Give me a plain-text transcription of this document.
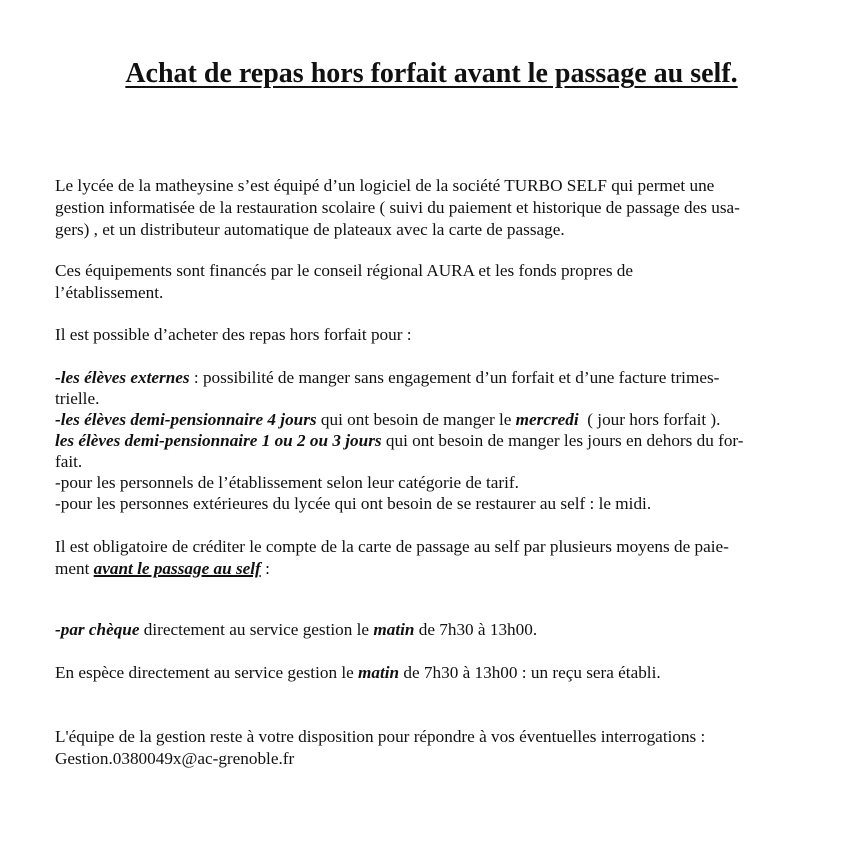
Achat de repas hors forfait avant le passage au self.
Le lycée de la matheysine s’est équipé d’un logiciel de la société TURBO SELF qui permet une
gestion informatisée de la restauration scolaire ( suivi du paiement et historique de passage des usa-
gers) , et un distributeur automatique de plateaux avec la carte de passage.
Ces équipements sont financés par le conseil régional AURA et les fonds propres de
l’établissement.
Il est possible d’acheter des repas hors forfait pour :
-les élèves externes : possibilité de manger sans engagement d’un forfait et d’une facture trimes-
trielle.
-les élèves demi-pensionnaire 4 jours qui ont besoin de manger le mercredi  ( jour hors forfait ).
les élèves demi-pensionnaire 1 ou 2 ou 3 jours qui ont besoin de manger les jours en dehors du for-
fait.
-pour les personnels de l’établissement selon leur catégorie de tarif.
-pour les personnes extérieures du lycée qui ont besoin de se restaurer au self : le midi.
Il est obligatoire de créditer le compte de la carte de passage au self par plusieurs moyens de paie-
ment avant le passage au self :
-par chèque directement au service gestion le matin de 7h30 à 13h00.
En espèce directement au service gestion le matin de 7h30 à 13h00 : un reçu sera établi.
L'équipe de la gestion reste à votre disposition pour répondre à vos éventuelles interrogations :
Gestion.0380049x@ac-grenoble.fr
